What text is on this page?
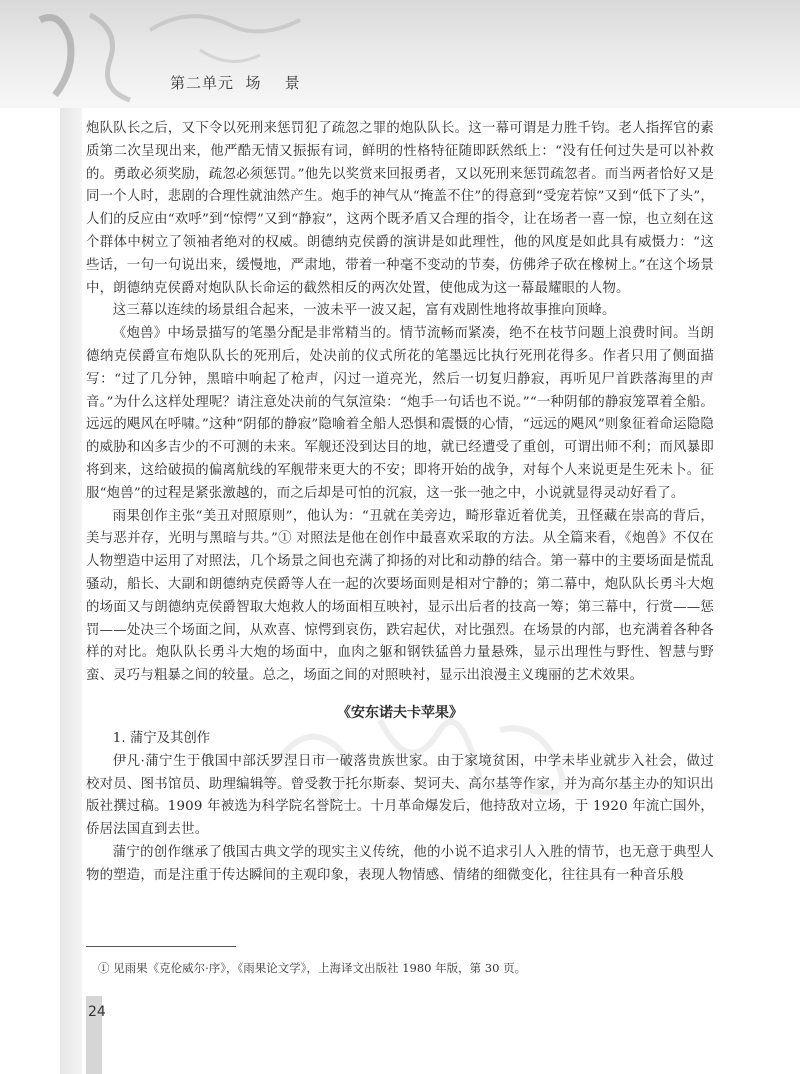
第二单元  场    景

炮队队长之后，又下令以死刑来惩罚犯了疏忽之罪的炮队队长。这一幕可谓是力胜千钧。老人指挥官的素质第二次呈现出来，他严酷无情又振振有词，鲜明的性格特征随即跃然纸上：“没有任何过失是可以补救的。勇敢必须奖励，疏忽必须惩罚。”他先以奖赏来回报勇者，又以死刑来惩罚疏忽者。而当两者恰好又是同一个人时，悲剧的合理性就油然产生。炮手的神气从“掩盖不住”的得意到“受宠若惊”又到“低下了头”，人们的反应由“欢呼”到“惊愕”又到“静寂”，这两个既矛盾又合理的指令，让在场者一喜一惊，也立刻在这个群体中树立了领袖者绝对的权威。朗德纳克侯爵的演讲是如此理性，他的风度是如此具有威慑力：“这些话，一句一句说出来，缓慢地，严肃地，带着一种毫不变动的节奏，仿佛斧子砍在橡树上。”在这个场景中，朗德纳克侯爵对炮队队长命运的截然相反的两次处置，使他成为这一幕最耀眼的人物。

这三幕以连续的场景组合起来，一波未平一波又起，富有戏剧性地将故事推向顶峰。

《炮兽》中场景描写的笔墨分配是非常精当的。情节流畅而紧凑，绝不在枝节问题上浪费时间。当朗德纳克侯爵宣布炮队队长的死刑后，处决前的仪式所花的笔墨远比执行死刑花得多。作者只用了侧面描写：“过了几分钟，黑暗中响起了枪声，闪过一道亮光，然后一切复归静寂，再听见尸首跌落海里的声音。”为什么这样处理呢？请注意处决前的气氛渲染：“炮手一句话也不说。”“一种阴郁的静寂笼罩着全船。远远的飓风在呼啸。”这种“阴郁的静寂”隐喻着全船人恐惧和震慑的心情，“远远的飓风”则象征着命运隐隐的威胁和凶多吉少的不可测的未来。军舰还没到达目的地，就已经遭受了重创，可谓出师不利；而风暴即将到来，这给破损的偏离航线的军舰带来更大的不安；即将开始的战争，对每个人来说更是生死未卜。征服“炮兽”的过程是紧张激越的，而之后却是可怕的沉寂，这一张一弛之中，小说就显得灵动好看了。

雨果创作主张“美丑对照原则”，他认为：“丑就在美旁边，畸形靠近着优美，丑怪藏在崇高的背后，美与恶并存，光明与黑暗与共。”① 对照法是他在创作中最喜欢采取的方法。从全篇来看，《炮兽》不仅在人物塑造中运用了对照法，几个场景之间也充满了抑扬的对比和动静的结合。第一幕中的主要场面是慌乱骚动，船长、大副和朗德纳克侯爵等人在一起的次要场面则是相对宁静的；第二幕中，炮队队长勇斗大炮的场面又与朗德纳克侯爵智取大炮救人的场面相互映衬，显示出后者的技高一筹；第三幕中，行赏——惩罚——处决三个场面之间，从欢喜、惊愕到哀伤，跌宕起伏，对比强烈。在场景的内部，也充满着各种各样的对比。炮队队长勇斗大炮的场面中，血肉之躯和钢铁猛兽力量悬殊，显示出理性与野性、智慧与野蛮、灵巧与粗暴之间的较量。总之，场面之间的对照映衬，显示出浪漫主义瑰丽的艺术效果。

《安东诺夫卡苹果》

1. 蒲宁及其创作

伊凡·蒲宁生于俄国中部沃罗涅日市一破落贵族世家。由于家境贫困，中学未毕业就步入社会，做过校对员、图书馆员、助理编辑等。曾受教于托尔斯泰、契诃夫、高尔基等作家，并为高尔基主办的知识出版社撰过稿。1909 年被选为科学院名誉院士。十月革命爆发后，他持敌对立场，于 1920 年流亡国外，侨居法国直到去世。

蒲宁的创作继承了俄国古典文学的现实主义传统，他的小说不追求引人入胜的情节，也无意于典型人物的塑造，而是注重于传达瞬间的主观印象，表现人物情感、情绪的细微变化，往往具有一种音乐般

① 见雨果《克伦威尔·序》，《雨果论文学》，上海译文出版社 1980 年版，第 30 页。
24
